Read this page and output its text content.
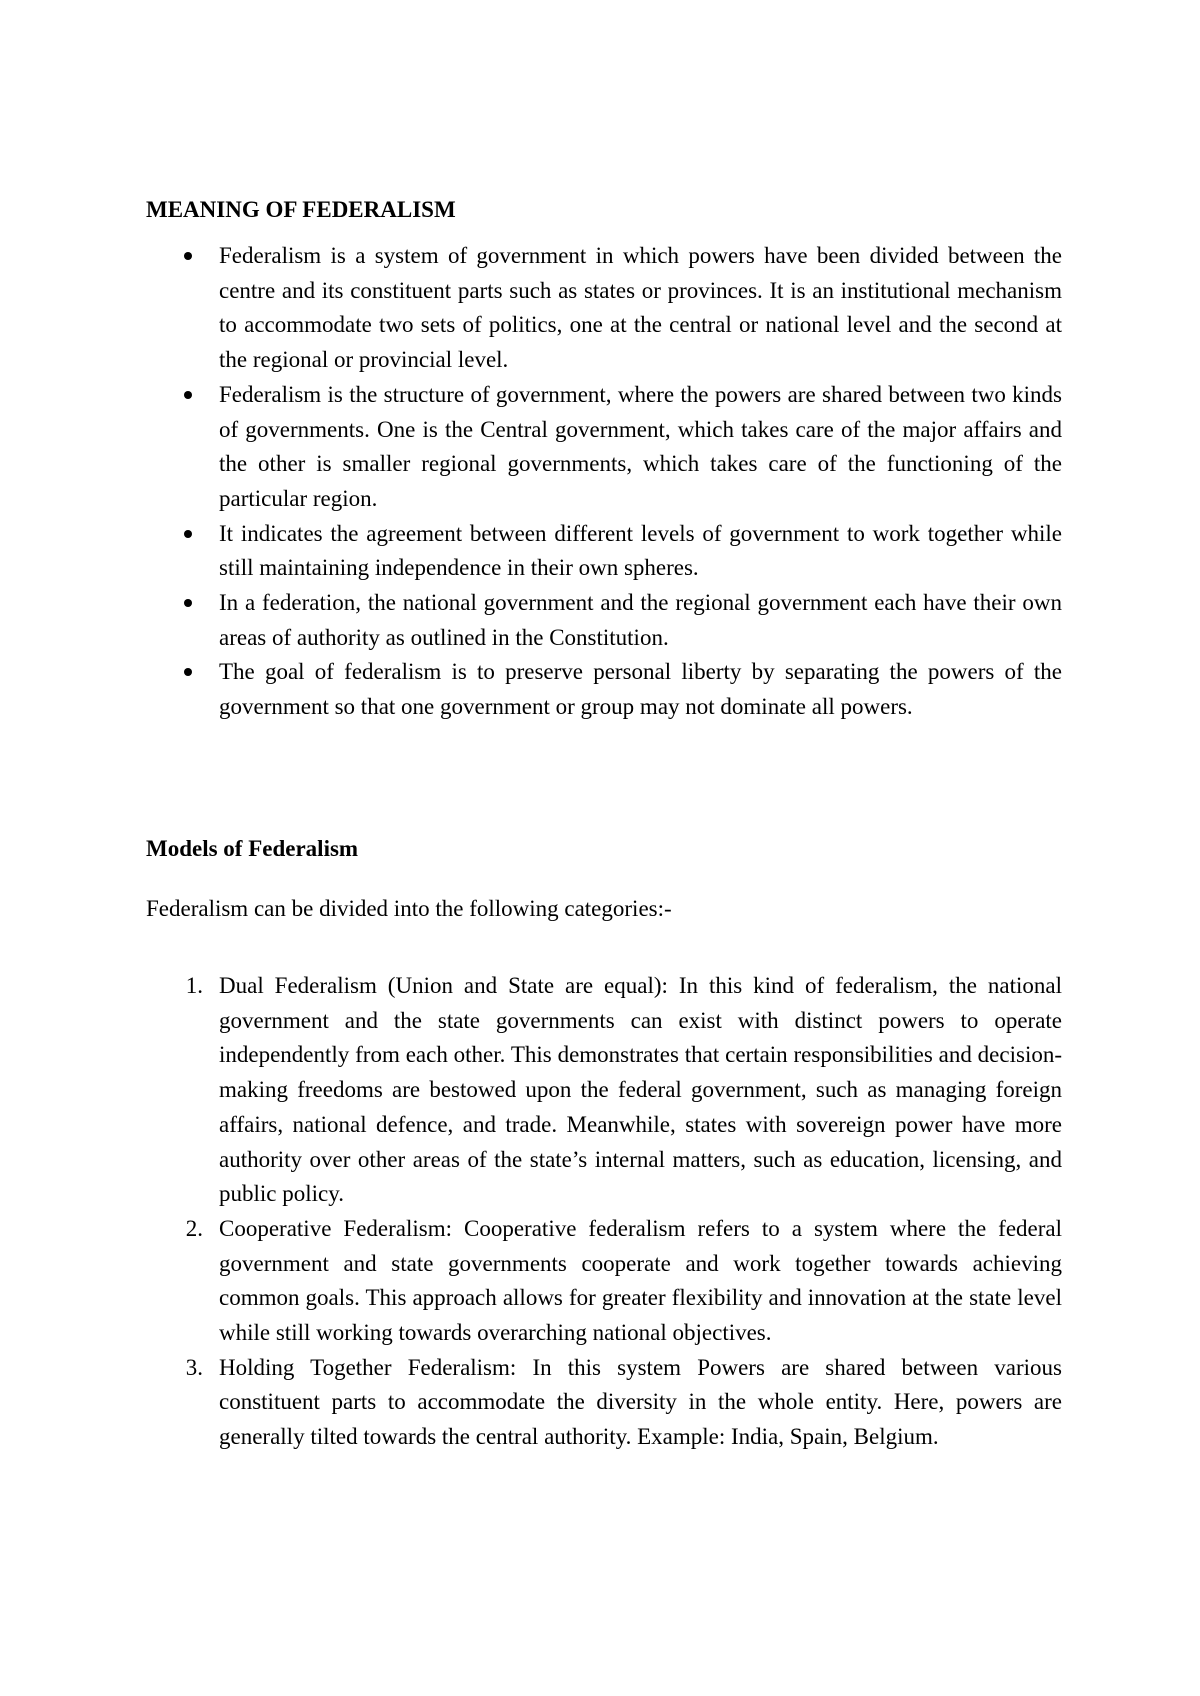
MEANING OF FEDERALISM
Federalism is a system of government in which powers have been divided between the centre and its constituent parts such as states or provinces. It is an institutional mechanism to accommodate two sets of politics, one at the central or national level and the second at the regional or provincial level.
Federalism is the structure of government, where the powers are shared between two kinds of governments. One is the Central government, which takes care of the major affairs and the other is smaller regional governments, which takes care of the functioning of the particular region.
It indicates the agreement between different levels of government to work together while still maintaining independence in their own spheres.
In a federation, the national government and the regional government each have their own areas of authority as outlined in the Constitution.
The goal of federalism is to preserve personal liberty by separating the powers of the government so that one government or group may not dominate all powers.
Models of Federalism

Federalism can be divided into the following categories:-

1. Dual Federalism (Union and State are equal): In this kind of federalism, the national government and the state governments can exist with distinct powers to operate independently from each other. This demonstrates that certain responsibilities and decision-making freedoms are bestowed upon the federal government, such as managing foreign affairs, national defence, and trade. Meanwhile, states with sovereign power have more authority over other areas of the state’s internal matters, such as education, licensing, and public policy.
2. Cooperative Federalism: Cooperative federalism refers to a system where the federal government and state governments cooperate and work together towards achieving common goals. This approach allows for greater flexibility and innovation at the state level while still working towards overarching national objectives.
3. Holding Together Federalism: In this system Powers are shared between various constituent parts to accommodate the diversity in the whole entity. Here, powers are generally tilted towards the central authority. Example: India, Spain, Belgium.
